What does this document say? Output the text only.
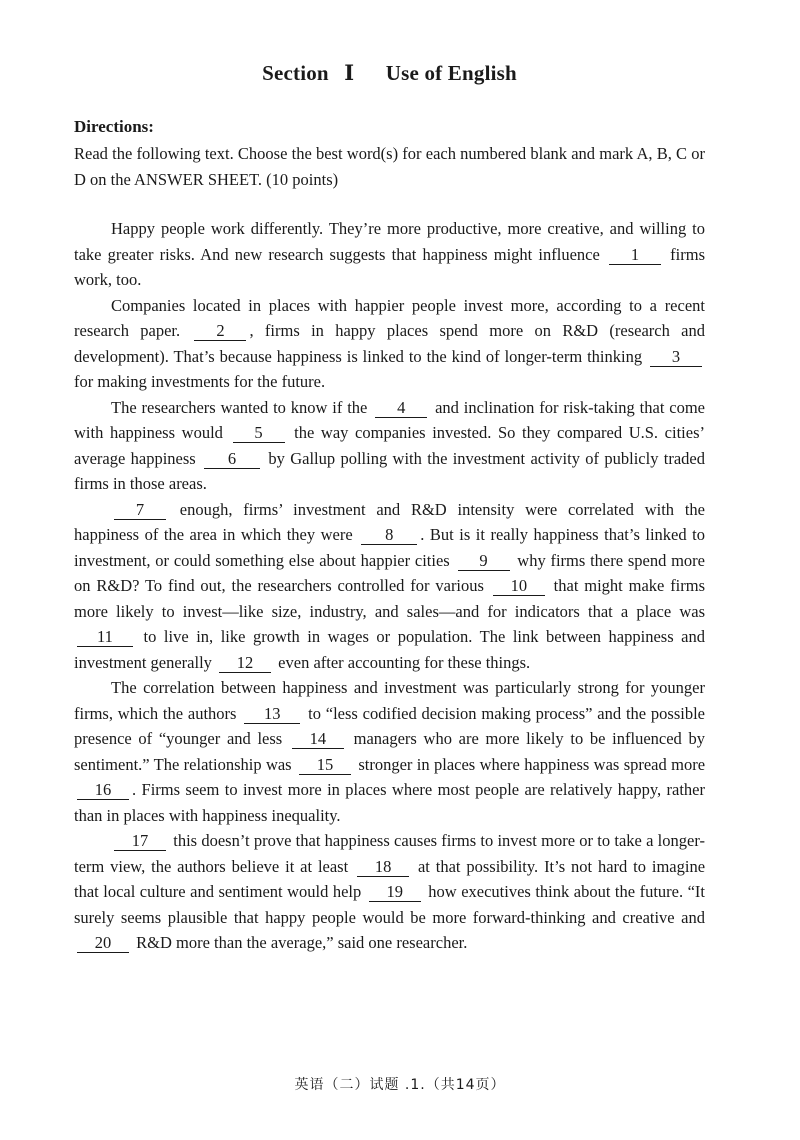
Section Ⅰ Use of English
Directions:
Read the following text. Choose the best word(s) for each numbered blank and mark A, B, C or D on the ANSWER SHEET. (10 points)

Happy people work differently. They’re more productive, more creative, and willing to take greater risks. And new research suggests that happiness might influence 1 firms work, too.

Companies located in places with happier people invest more, according to a recent research paper. 2 , firms in happy places spend more on R&D (research and development). That’s because happiness is linked to the kind of longer-term thinking 3 for making investments for the future.

The researchers wanted to know if the 4 and inclination for risk-taking that come with happiness would 5 the way companies invested. So they compared U.S. cities’ average happiness 6 by Gallup polling with the investment activity of publicly traded firms in those areas.

7 enough, firms’ investment and R&D intensity were correlated with the happiness of the area in which they were 8 . But is it really happiness that’s linked to investment, or could something else about happier cities 9 why firms there spend more on R&D? To find out, the researchers controlled for various 10 that might make firms more likely to invest—like size, industry, and sales—and for indicators that a place was 11 to live in, like growth in wages or population. The link between happiness and investment generally 12 even after accounting for these things.

The correlation between happiness and investment was particularly strong for younger firms, which the authors 13 to “less codified decision making process” and the possible presence of “younger and less 14 managers who are more likely to be influenced by sentiment.” The relationship was 15 stronger in places where happiness was spread more 16 . Firms seem to invest more in places where most people are relatively happy, rather than in places with happiness inequality.

17 this doesn’t prove that happiness causes firms to invest more or to take a longer-term view, the authors believe it at least 18 at that possibility. It’s not hard to imagine that local culture and sentiment would help 19 how executives think about the future. “It surely seems plausible that happy people would be more forward-thinking and creative and 20 R&D more than the average,” said one researcher.

英语（二）试题 .1.（共14页）
